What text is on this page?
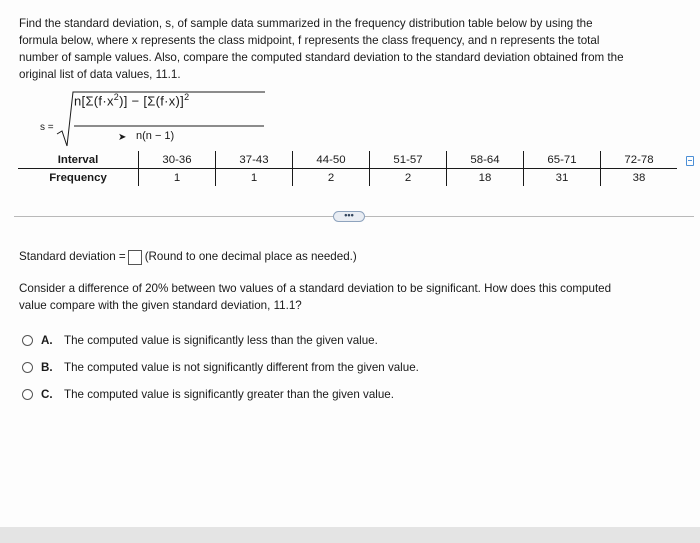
Find the standard deviation, s, of sample data summarized in the frequency distribution table below by using the
formula below, where x represents the class midpoint, f represents the class frequency, and n represents the total
number of sample values. Also, compare the computed standard deviation to the standard deviation obtained from the
original list of data values, 11.1.
s =
$n[\Sigma(f\cdot x^2)] - [\Sigma(f\cdot x)]^2$
➤ n(n − 1)
Interval	30-36	37-43	44-50	51-57	58-64	65-71	72-78
Frequency	1	1	2	2	18	31	38
•••
Standard deviation = (Round to one decimal place as needed.)
Consider a difference of 20% between two values of a standard deviation to be significant. How does this computed
value compare with the given standard deviation, 11.1?
A. The computed value is significantly less than the given value.
B. The computed value is not significantly different from the given value.
C. The computed value is significantly greater than the given value.
